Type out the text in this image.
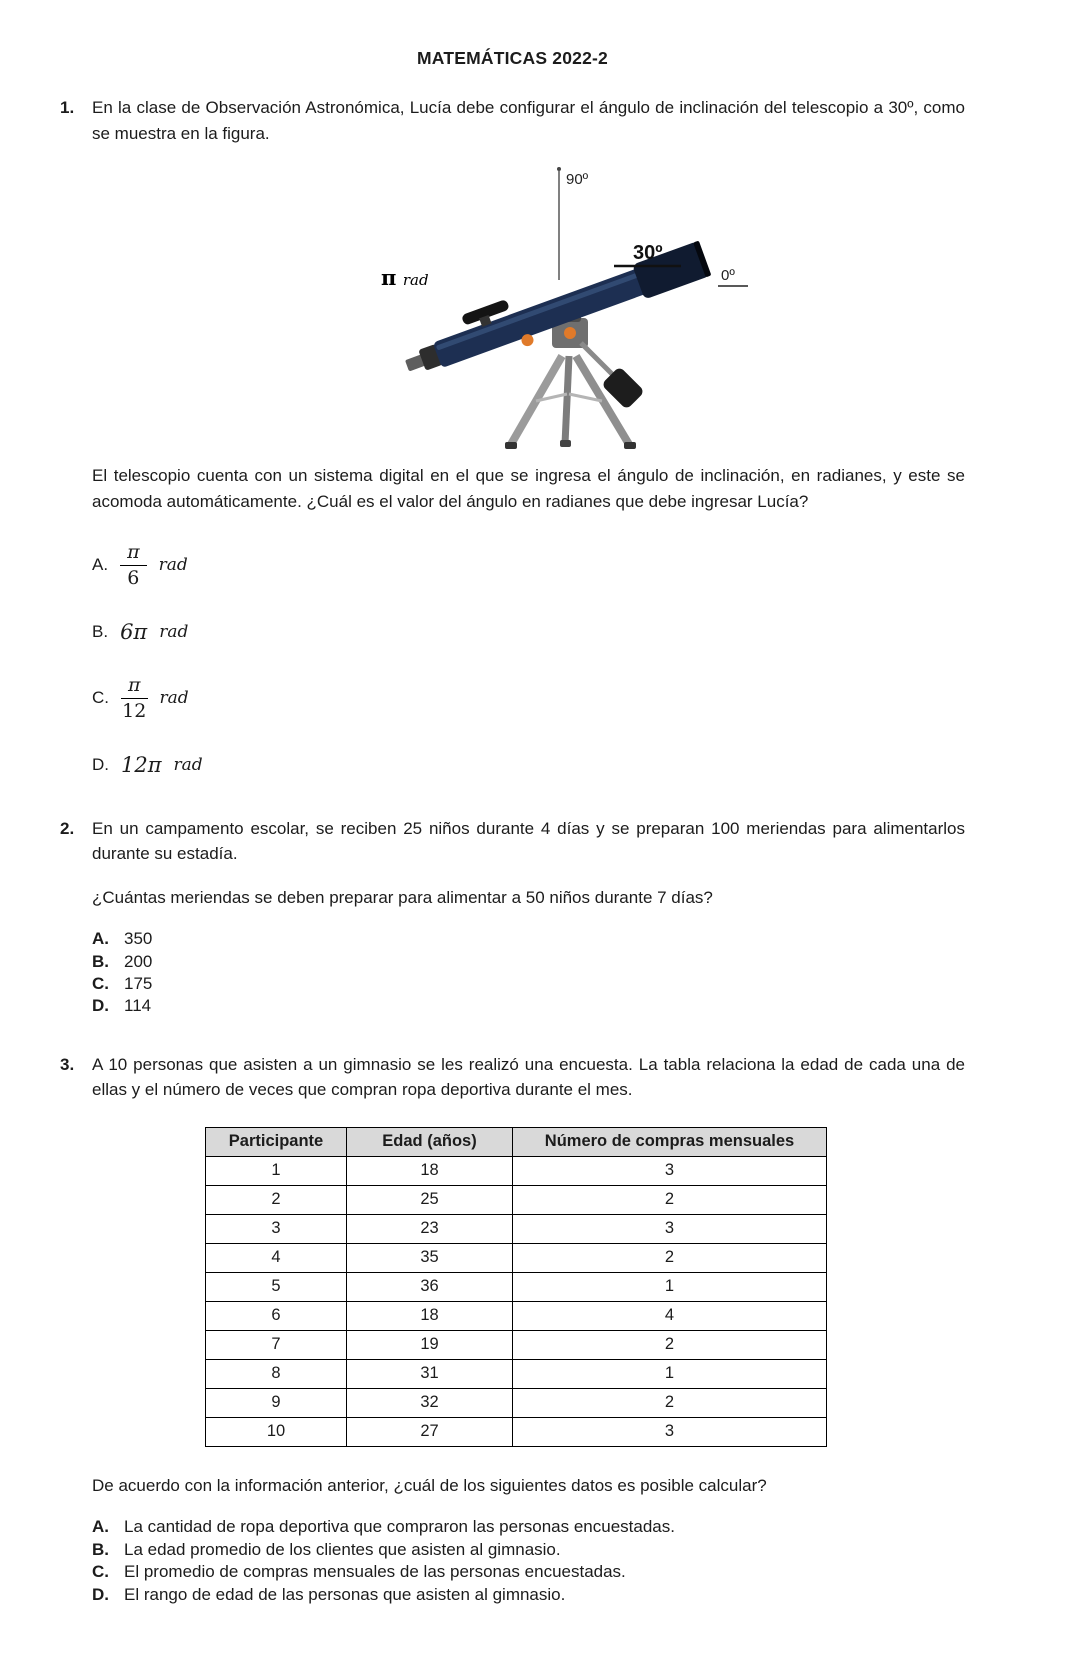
MATEMÁTICAS 2022-2
1. En la clase de Observación Astronómica, Lucía debe configurar el ángulo de inclinación del telescopio a 30º, como se muestra en la figura.

90º
30º
0º
π rad

El telescopio cuenta con un sistema digital en el que se ingresa el ángulo de inclinación, en radianes, y este se acomoda automáticamente. ¿Cuál es el valor del ángulo en radianes que debe ingresar Lucía?

A. $\frac{\pi}{6}$ rad
B. 6π rad
C. $\frac{\pi}{12}$ rad
D. 12π rad
2. En un campamento escolar, se reciben 25 niños durante 4 días y se preparan 100 meriendas para alimentarlos durante su estadía.

¿Cuántas meriendas se deben preparar para alimentar a 50 niños durante 7 días?

A. 350
B. 200
C. 175
D. 114
3. A 10 personas que asisten a un gimnasio se les realizó una encuesta. La tabla relaciona la edad de cada una de ellas y el número de veces que compran ropa deportiva durante el mes.

Participante	Edad (años)	Número de compras mensuales
1	18	3
2	25	2
3	23	3
4	35	2
5	36	1
6	18	4
7	19	2
8	31	1
9	32	2
10	27	3

De acuerdo con la información anterior, ¿cuál de los siguientes datos es posible calcular?

A. La cantidad de ropa deportiva que compraron las personas encuestadas.
B. La edad promedio de los clientes que asisten al gimnasio.
C. El promedio de compras mensuales de las personas encuestadas.
D. El rango de edad de las personas que asisten al gimnasio.
